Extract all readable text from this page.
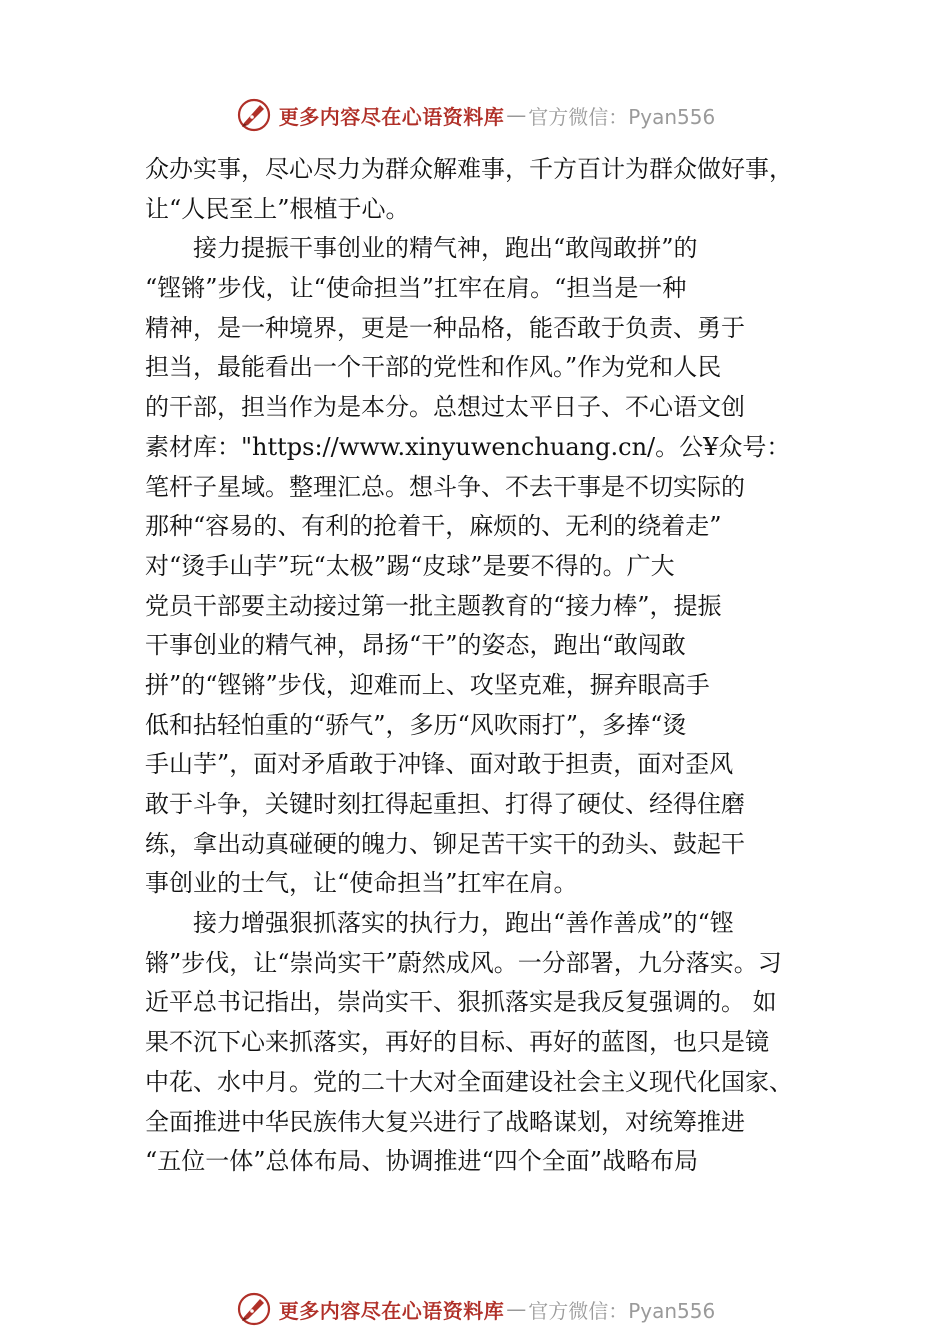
更多内容尽在心语资料库 — 官方微信：Pyan556
众办实事，尽心尽力为群众解难事，千方百计为群众做好事，
让“人民至上”根植于心。
接力提振干事创业的精气神，跑出“敢闯敢拼”的
“铿锵”步伐，让“使命担当”扛牢在肩。“担当是一种
精神，是一种境界，更是一种品格，能否敢于负责、勇于
担当，最能看出一个干部的党性和作风。”作为党和人民
的干部，担当作为是本分。总想过太平日子、不心语文创
素材库："https://www.xinyuwenchuang.cn/。公¥众号：
笔杆子星域。整理汇总。想斗争、不去干事是不切实际的
那种“容易的、有利的抢着干，麻烦的、无利的绕着走”
对“烫手山芋”玩“太极”踢“皮球”是要不得的。广大
党员干部要主动接过第一批主题教育的“接力棒”，提振
干事创业的精气神，昂扬“干”的姿态，跑出“敢闯敢
拼”的“铿锵”步伐，迎难而上、攻坚克难，摒弃眼高手
低和拈轻怕重的“骄气”，多历“风吹雨打”，多捧“烫
手山芋”，面对矛盾敢于冲锋、面对敢于担责，面对歪风
敢于斗争，关键时刻扛得起重担、打得了硬仗、经得住磨
练，拿出动真碰硬的魄力、铆足苦干实干的劲头、鼓起干
事创业的士气，让“使命担当”扛牢在肩。
接力增强狠抓落实的执行力，跑出“善作善成”的“铿
锵”步伐，让“崇尚实干”蔚然成风。一分部署，九分落实。习
近平总书记指出，崇尚实干、狠抓落实是我反复强调的。 如
果不沉下心来抓落实，再好的目标、再好的蓝图，也只是镜
中花、水中月。党的二十大对全面建设社会主义现代化国家、
全面推进中华民族伟大复兴进行了战略谋划，对统筹推进
“五位一体”总体布局、协调推进“四个全面”战略布局
更多内容尽在心语资料库 — 官方微信：Pyan556
